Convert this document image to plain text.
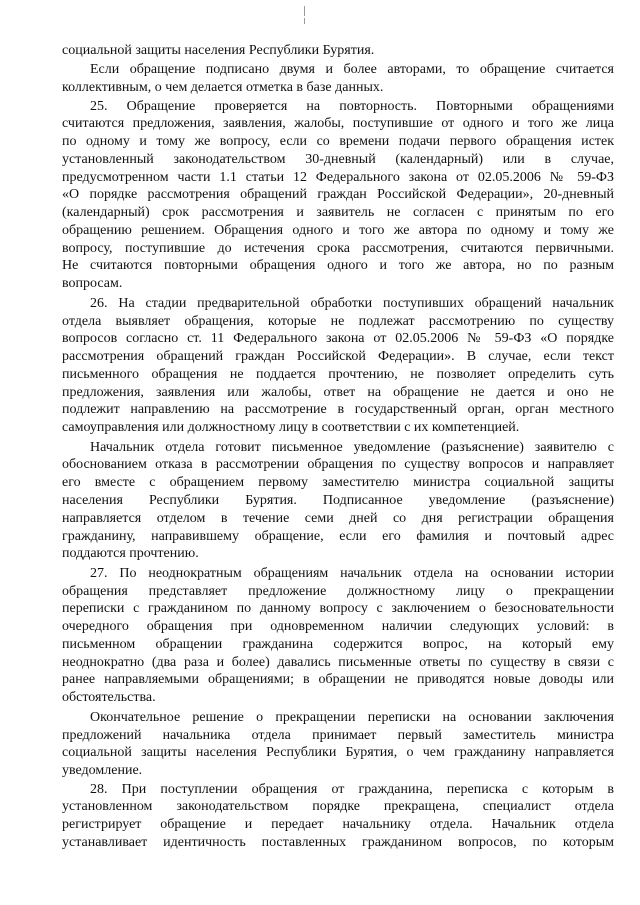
социальной защиты населения Республики Бурятия.
Если обращение подписано двумя и более авторами, то обращение считается
коллективным, о чем делается отметка в базе данных.
25. Обращение проверяется на повторность. Повторными обращениями
считаются предложения, заявления, жалобы, поступившие от одного и того же лица
по одному и тому же вопросу, если со времени подачи первого обращения истек
установленный законодательством 30-дневный (календарный) или в случае,
предусмотренном части 1.1 статьи 12 Федерального закона от 02.05.2006 № 59-ФЗ
«О порядке рассмотрения обращений граждан Российской Федерации», 20-дневный
(календарный) срок рассмотрения и заявитель не согласен с принятым по его
обращению решением. Обращения одного и того же автора по одному и тому же
вопросу, поступившие до истечения срока рассмотрения, считаются первичными.
Не считаются повторными обращения одного и того же автора, но по разным
вопросам.
26. На стадии предварительной обработки поступивших обращений начальник
отдела выявляет обращения, которые не подлежат рассмотрению по существу
вопросов согласно ст. 11 Федерального закона от 02.05.2006 № 59-ФЗ «О порядке
рассмотрения обращений граждан Российской Федерации». В случае, если текст
письменного обращения не поддается прочтению, не позволяет определить суть
предложения, заявления или жалобы, ответ на обращение не дается и оно не
подлежит направлению на рассмотрение в государственный орган, орган местного
самоуправления или должностному лицу в соответствии с их компетенцией.
Начальник отдела готовит письменное уведомление (разъяснение) заявителю с
обоснованием отказа в рассмотрении обращения по существу вопросов и направляет
его вместе с обращением первому заместителю министра социальной защиты
населения Республики Бурятия. Подписанное уведомление (разъяснение)
направляется отделом в течение семи дней со дня регистрации обращения
гражданину, направившему обращение, если его фамилия и почтовый адрес
поддаются прочтению.
27. По неоднократным обращениям начальник отдела на основании истории
обращения представляет предложение должностному лицу о прекращении
переписки с гражданином по данному вопросу с заключением о безосновательности
очередного обращения при одновременном наличии следующих условий: в
письменном обращении гражданина содержится вопрос, на который ему
неоднократно (два раза и более) давались письменные ответы по существу в связи с
ранее направляемыми обращениями; в обращении не приводятся новые доводы или
обстоятельства.
Окончательное решение о прекращении переписки на основании заключения
предложений начальника отдела принимает первый заместитель министра
социальной защиты населения Республики Бурятия, о чем гражданину направляется
уведомление.
28. При поступлении обращения от гражданина, переписка с которым в
установленном законодательством порядке прекращена, специалист отдела
регистрирует обращение и передает начальнику отдела. Начальник отдела
устанавливает идентичность поставленных гражданином вопросов, по которым
